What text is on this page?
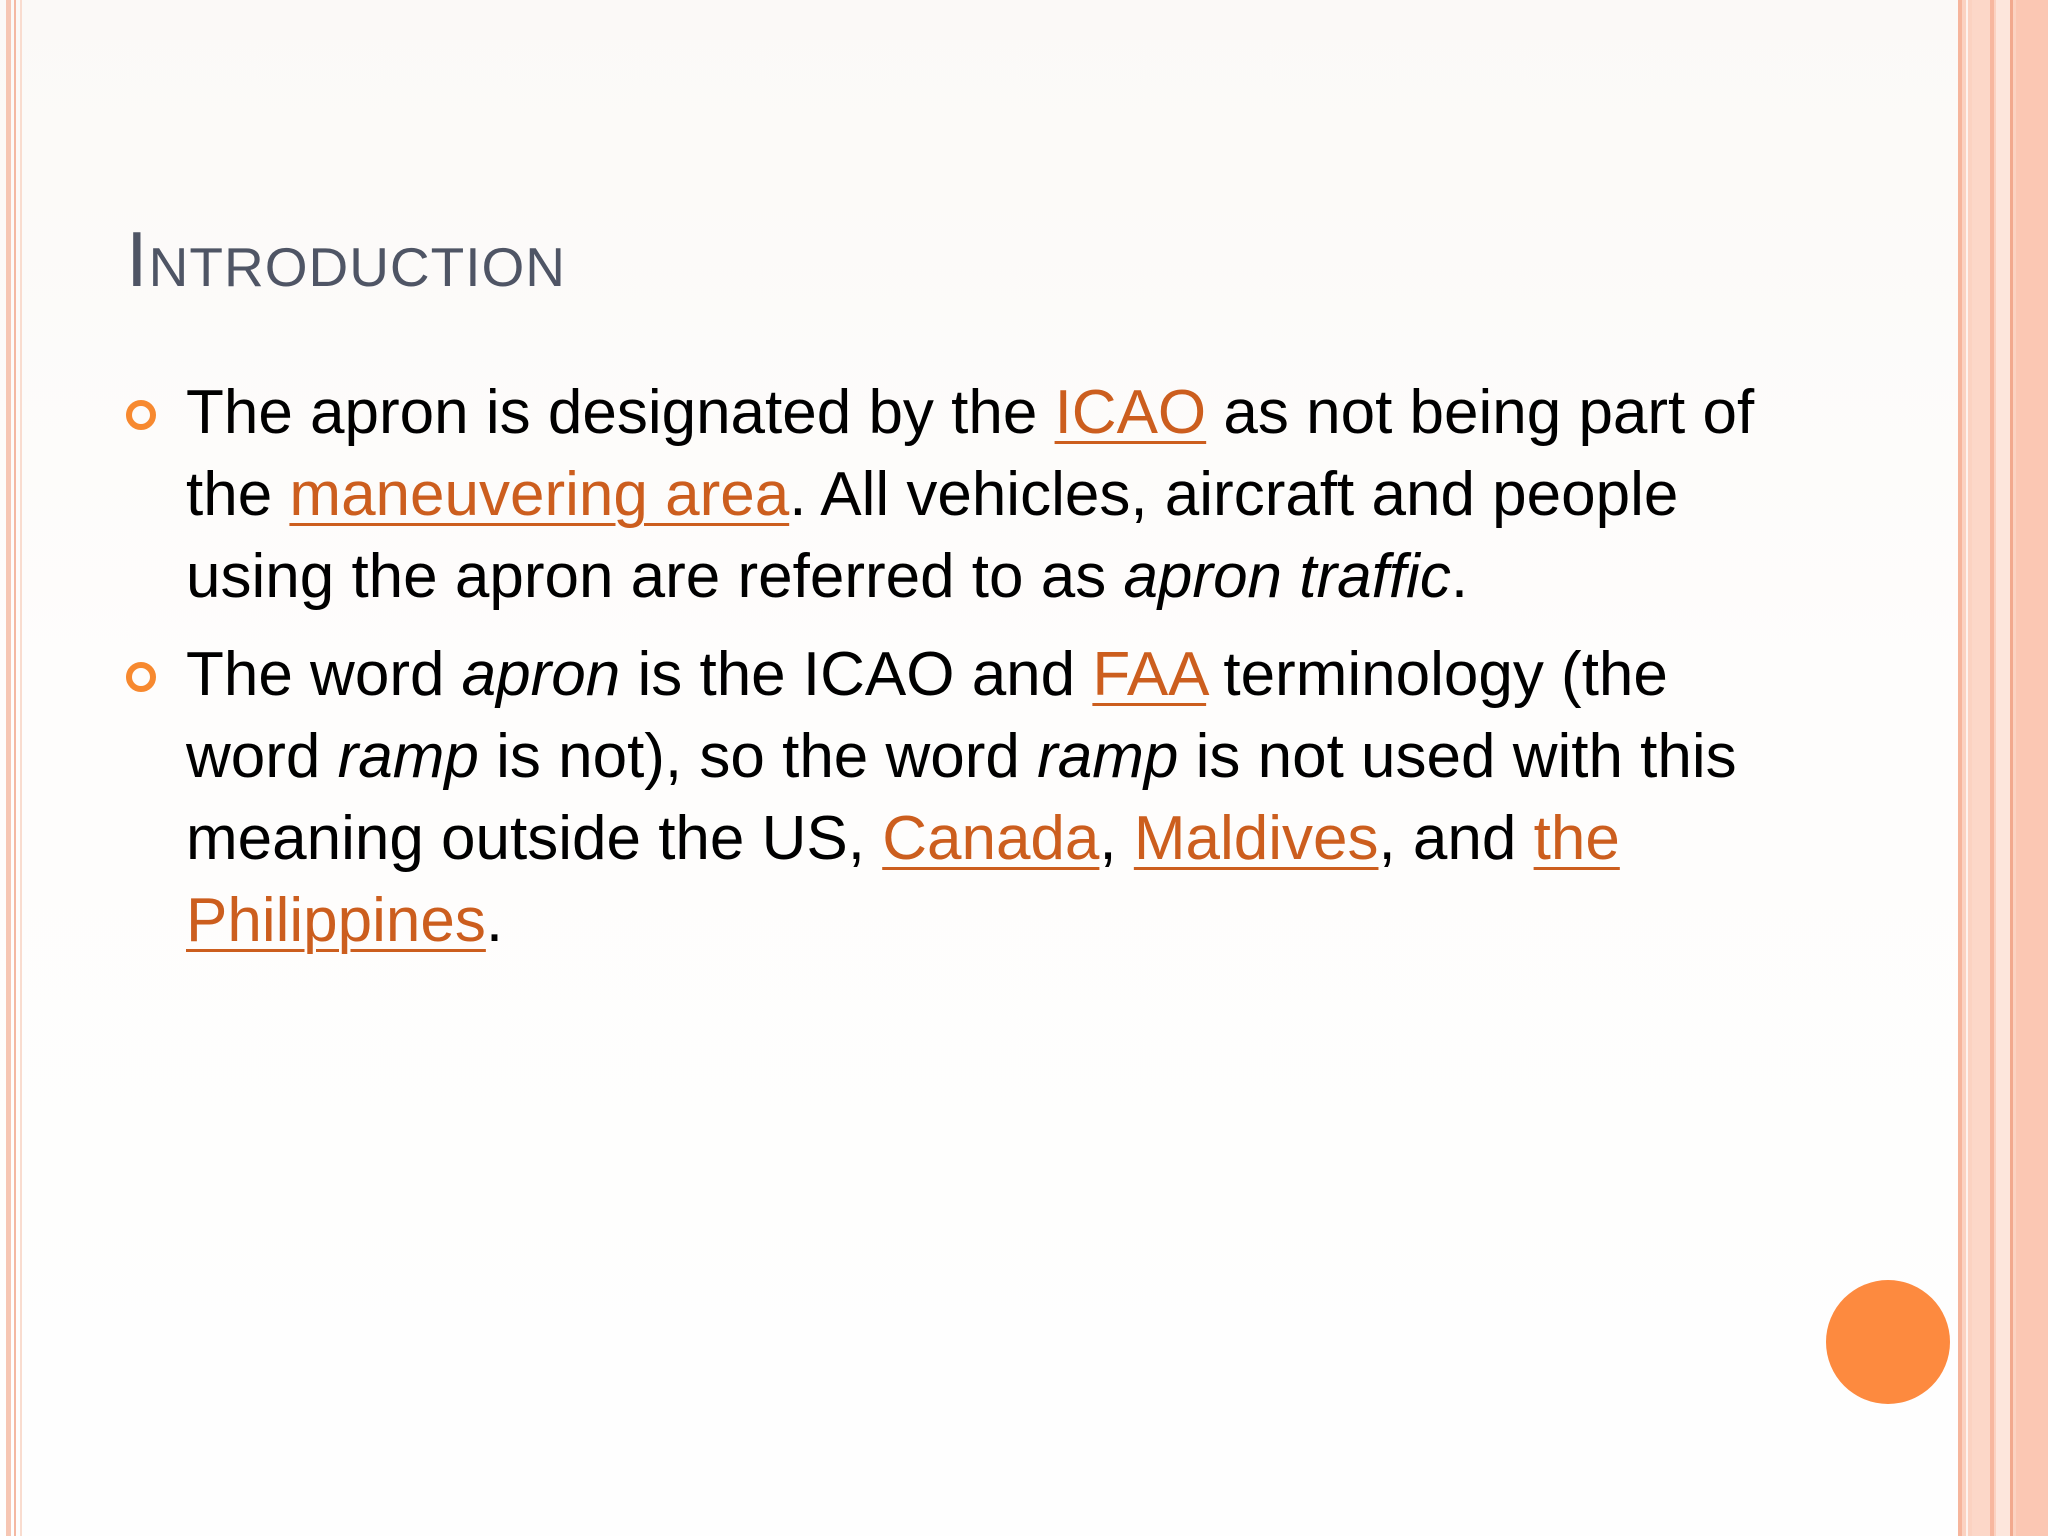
Introduction
The apron is designated by the ICAO as not being part of the maneuvering area. All vehicles, aircraft and people using the apron are referred to as apron traffic.
The word apron is the ICAO and FAA terminology (the word ramp is not), so the word ramp is not used with this meaning outside the US, Canada, Maldives, and the Philippines.
